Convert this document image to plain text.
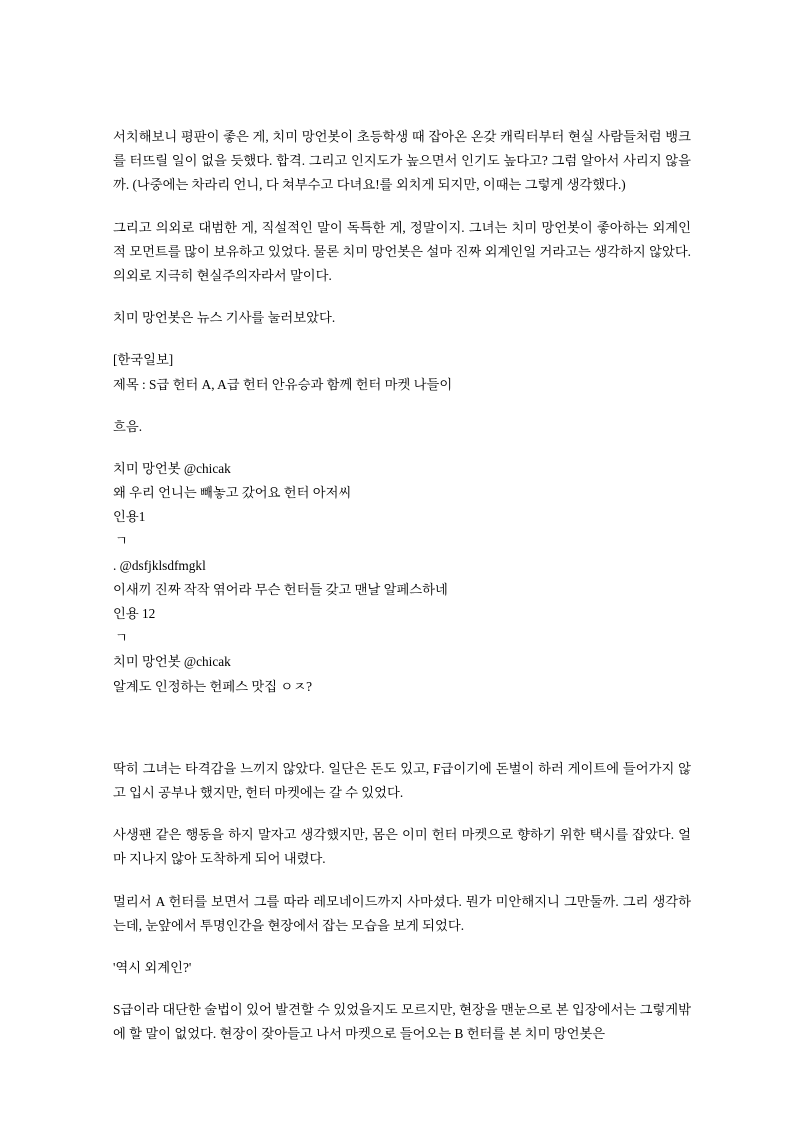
서치해보니 평판이 좋은 게, 치미 망언봇이 초등학생 때 잡아온 온갖 캐릭터부터 현실 사람들처럼 뱅크를 터뜨릴 일이 없을 듯했다. 합격. 그리고 인지도가 높으면서 인기도 높다고? 그럼 알아서 사리지 않을까. (나중에는 차라리 언니, 다 쳐부수고 다녀요!를 외치게 되지만, 이때는 그렇게 생각했다.)

그리고 의외로 대범한 게, 직설적인 말이 독특한 게, 정말이지. 그녀는 치미 망언봇이 좋아하는 외계인적 모먼트를 많이 보유하고 있었다. 물론 치미 망언봇은 설마 진짜 외계인일 거라고는 생각하지 않았다. 의외로 지극히 현실주의자라서 말이다.

치미 망언봇은 뉴스 기사를 눌러보았다.

[한국일보]

제목 : S급 헌터 A, A급 헌터 안유승과 함께 헌터 마켓 나들이

흐음.

치미 망언봇 @chicak

왜 우리 언니는 빼놓고 갔어요 헌터 아저씨

인용1

ㄱ

. @dsfjklsdfmgkl

이새끼 진짜 작작 엮어라 무슨 헌터들 갖고 맨날 알페스하네

인용 12

ㄱ

치미 망언봇 @chicak

알계도 인정하는 헌페스 맛집 ㅇㅈ?

딱히 그녀는 타격감을 느끼지 않았다. 일단은 돈도 있고, F급이기에 돈벌이 하러 게이트에 들어가지 않고 입시 공부나 했지만, 헌터 마켓에는 갈 수 있었다.

사생팬 같은 행동을 하지 말자고 생각했지만, 몸은 이미 헌터 마켓으로 향하기 위한 택시를 잡았다. 얼마 지나지 않아 도착하게 되어 내렸다.

멀리서 A 헌터를 보면서 그를 따라 레모네이드까지 사마셨다. 뭔가 미안해지니 그만둘까. 그리 생각하는데, 눈앞에서 투명인간을 현장에서 잡는 모습을 보게 되었다.

'역시 외계인?'

S급이라 대단한 술법이 있어 발견할 수 있었을지도 모르지만, 현장을 맨눈으로 본 입장에서는 그렇게밖에 할 말이 없었다. 현장이 잦아들고 나서 마켓으로 들어오는 B 헌터를 본 치미 망언봇은
